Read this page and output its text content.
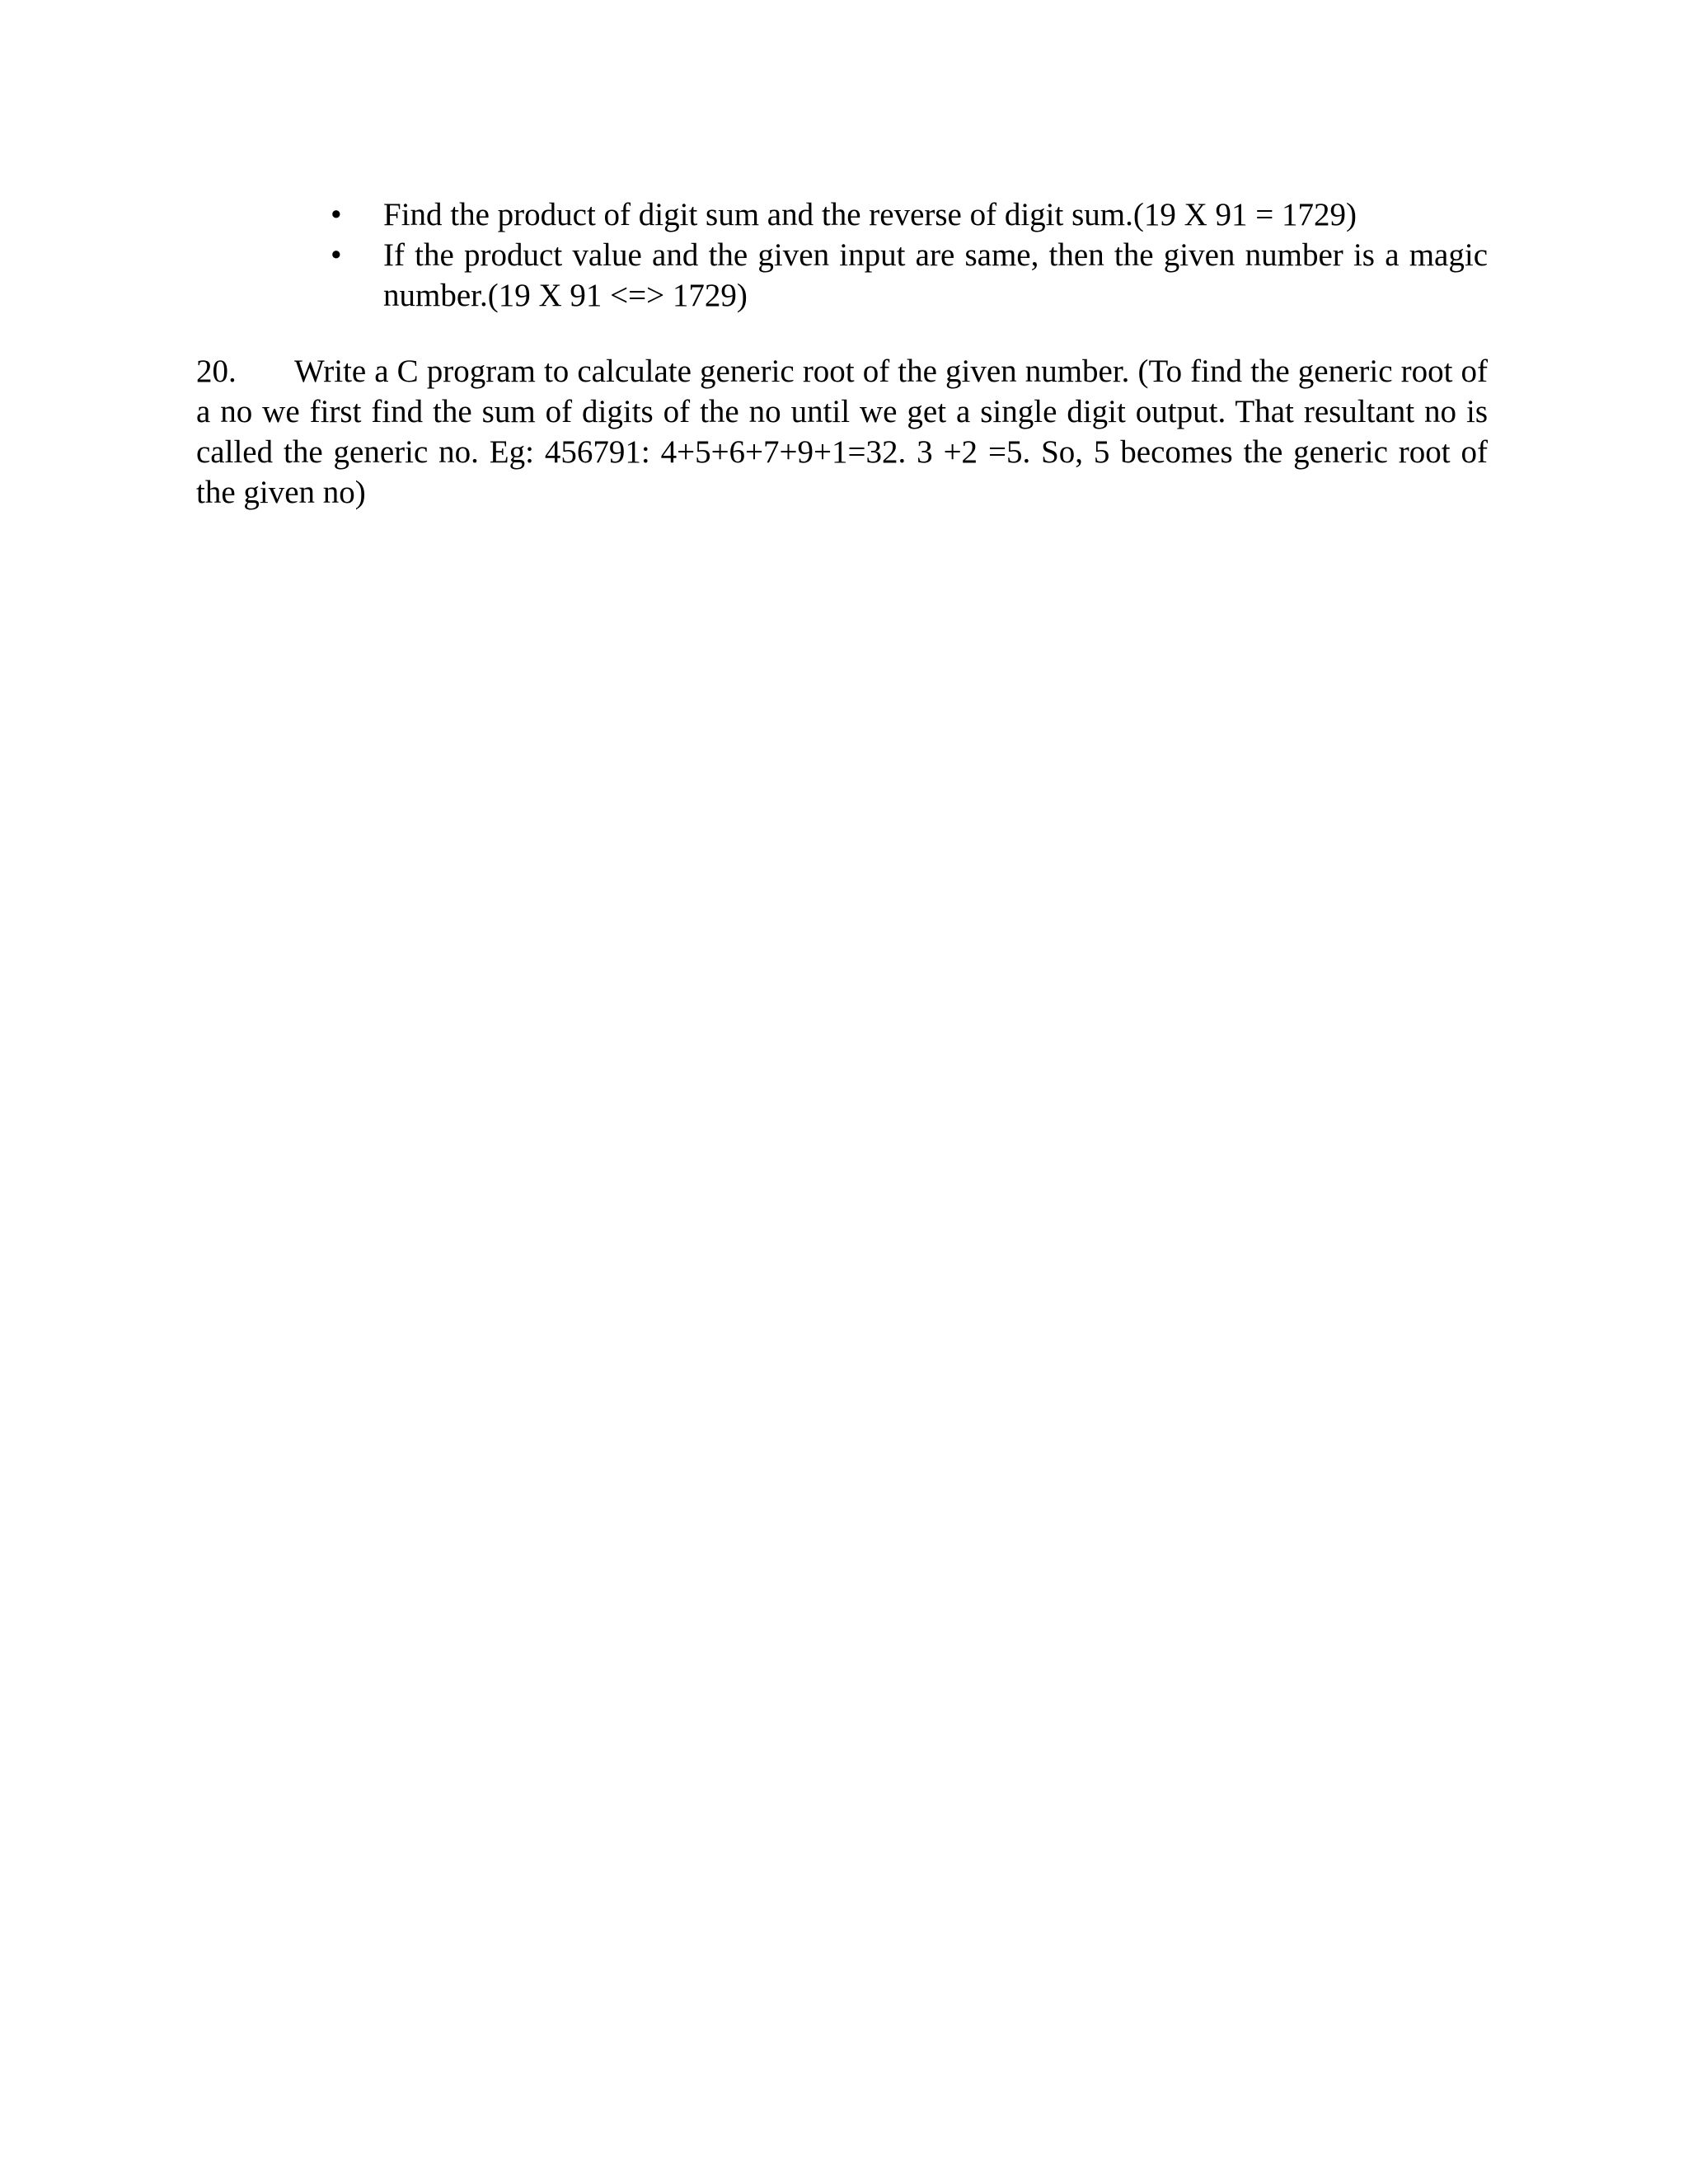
• Find the product of digit sum and the reverse of digit sum.(19 X 91 = 1729)
• If the product value and the given input are same, then the given number is a magic number.(19 X 91 <=> 1729)

20. Write a C program to calculate generic root of the given number. (To find the generic root of a no we first find the sum of digits of the no until we get a single digit output. That resultant no is called the generic no. Eg: 456791: 4+5+6+7+9+1=32. 3 +2 =5. So, 5 becomes the generic root of the given no)
